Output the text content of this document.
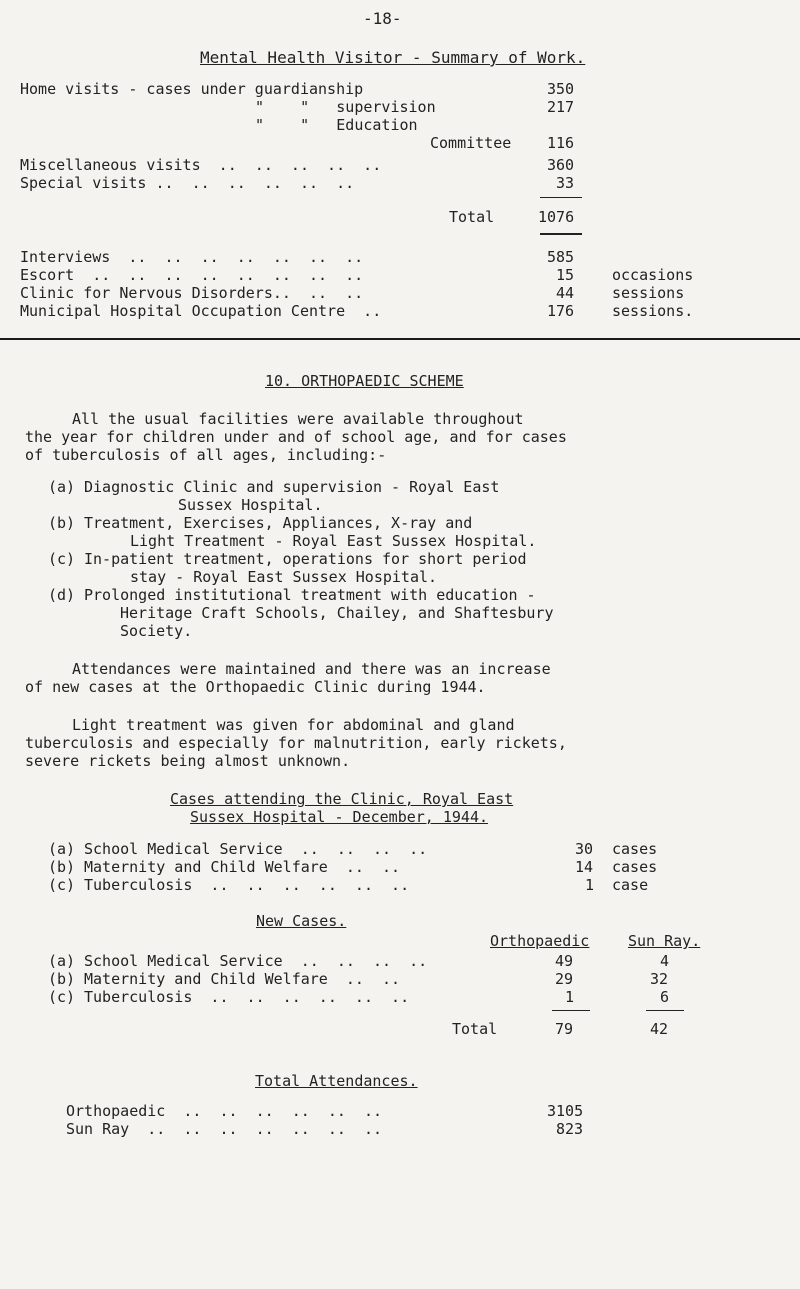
-18-
Mental Health Visitor - Summary of Work.
Home visits - cases under guardianship	350
"    "   supervision	217
"    "   Education
Committee 116
Miscellaneous visits  ..  ..  ..  ..  ..	360
Special visits ..  ..  ..  ..  ..  ..	33
Total	1076
Interviews  ..  ..  ..  ..  ..  ..  ..	585
Escort  ..  ..  ..  ..  ..  ..  ..  ..	15	occasions
Clinic for Nervous Disorders..  ..  ..	44	sessions
Municipal Hospital Occupation Centre  ..	176	sessions.
10. ORTHOPAEDIC SCHEME
All the usual facilities were available throughout
the year for children under and of school age, and for cases
of tuberculosis of all ages, including:-
(a) Diagnostic Clinic and supervision - Royal East
Sussex Hospital.
(b) Treatment, Exercises, Appliances, X-ray and
Light Treatment - Royal East Sussex Hospital.
(c) In-patient treatment, operations for short period
stay - Royal East Sussex Hospital.
(d) Prolonged institutional treatment with education -
Heritage Craft Schools, Chailey, and Shaftesbury
Society.
Attendances were maintained and there was an increase
of new cases at the Orthopaedic Clinic during 1944.
Light treatment was given for abdominal and gland
tuberculosis and especially for malnutrition, early rickets,
severe rickets being almost unknown.
Cases attending the Clinic, Royal East
Sussex Hospital - December, 1944.
(a) School Medical Service  ..  ..  ..  ..	30 cases
(b) Maternity and Child Welfare  ..  ..	14 cases
(c) Tuberculosis  ..  ..  ..  ..  ..  ..	1 case
New Cases.
Orthopaedic	Sun Ray.
(a) School Medical Service  ..  ..  ..  ..	49	4
(b) Maternity and Child Welfare  ..  ..	29	32
(c) Tuberculosis  ..  ..  ..  ..  ..  ..	1	6
Total	79	42
Total Attendances.
Orthopaedic  ..  ..  ..  ..  ..  ..	3105
Sun Ray  ..  ..  ..  ..  ..  ..  ..	823
